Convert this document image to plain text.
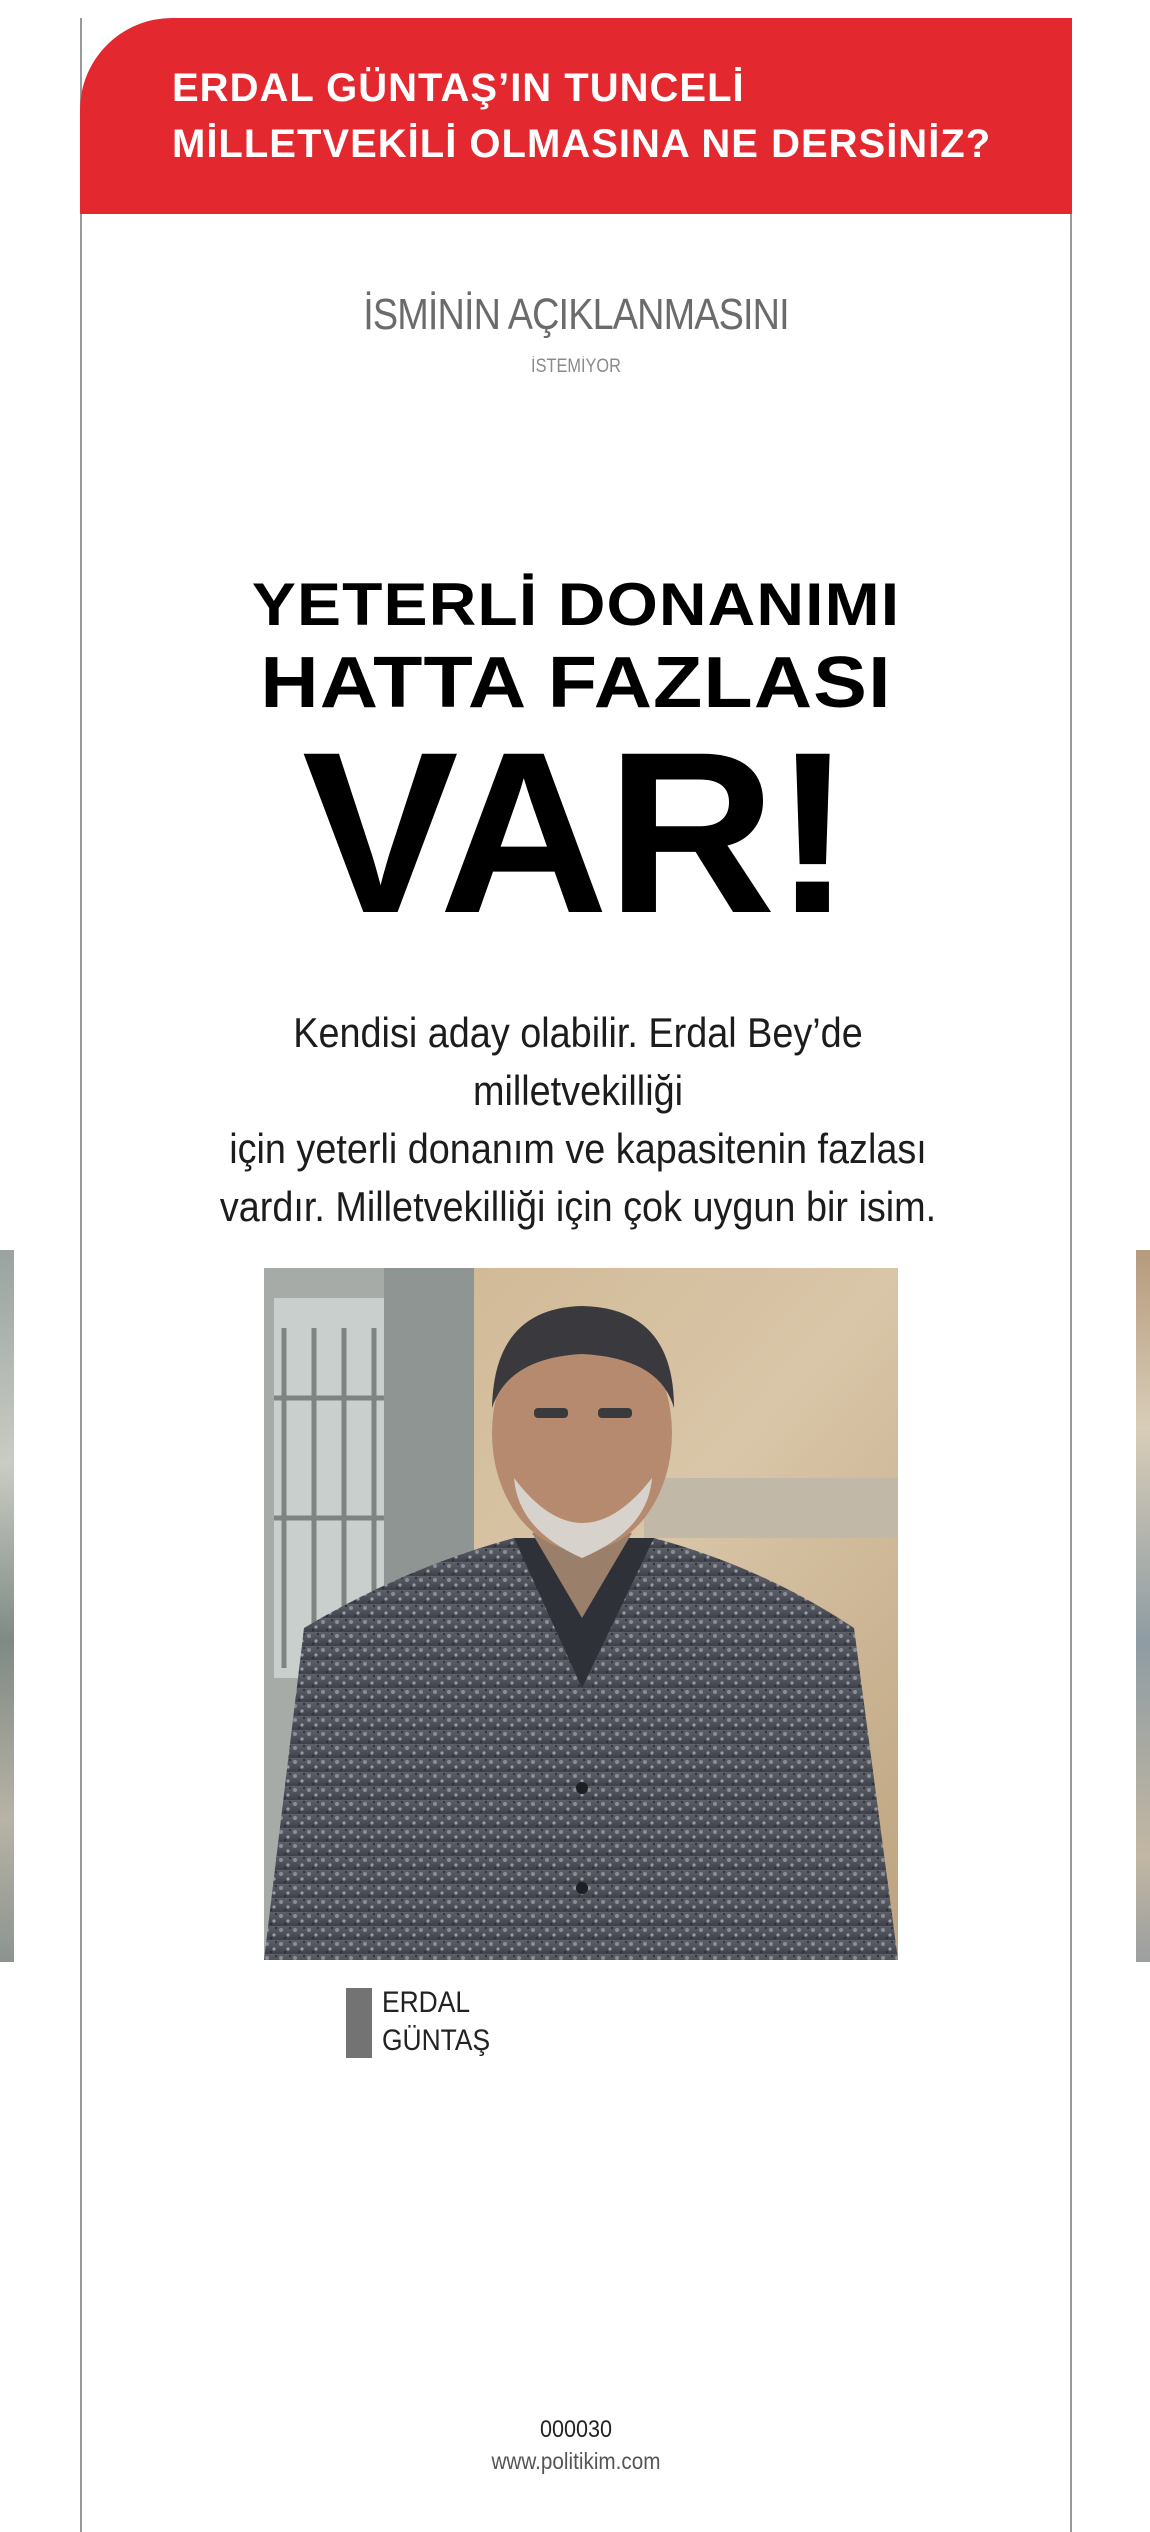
ERDAL GÜNTAŞ’IN TUNCELİ
MİLLETVEKİLİ OLMASINA NE DERSİNİZ?
İSMİNİN AÇIKLANMASINI
İSTEMİYOR
YETERLİ DONANIMI
HATTA FAZLASI
VAR!
Kendisi aday olabilir. Erdal Bey’de milletvekilliği
için yeterli donanım ve kapasitenin fazlası
vardır. Milletvekilliği için çok uygun bir isim.
ERDAL
GÜNTAŞ
000030
www.politikim.com
